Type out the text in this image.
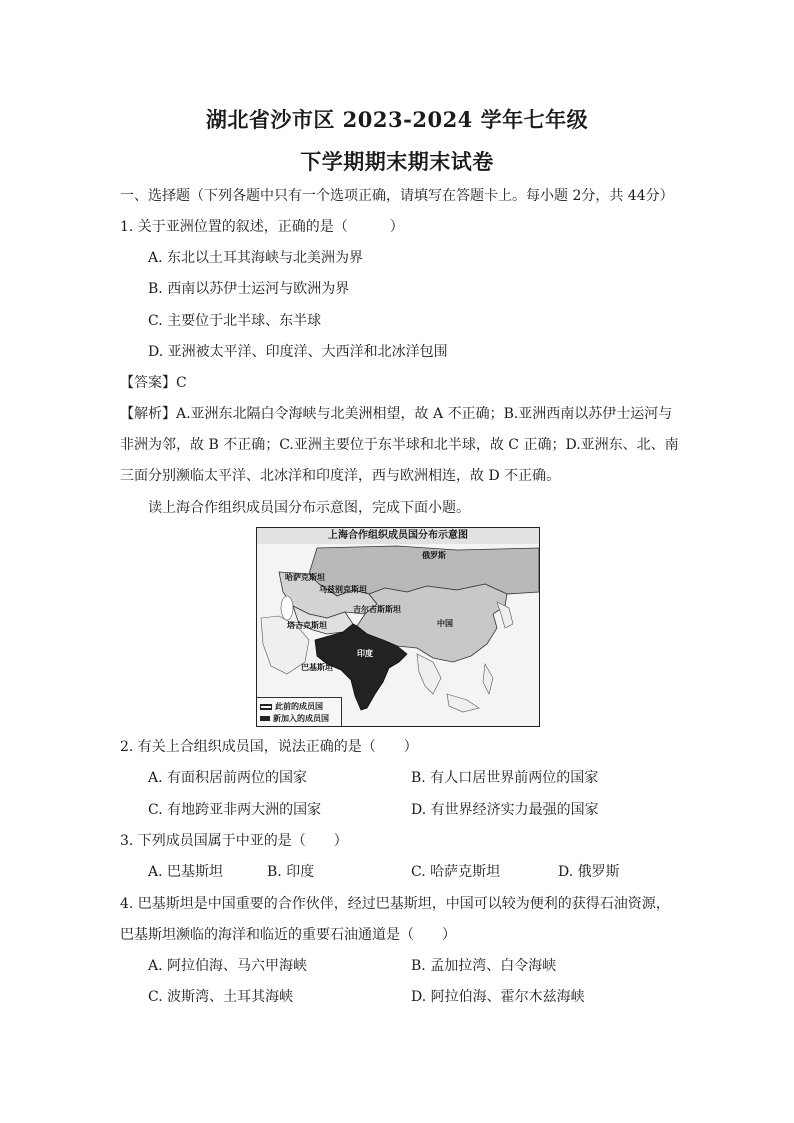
湖北省沙市区 2023-2024 学年七年级
下学期期末期末试卷
一、选择题（下列各题中只有一个选项正确，请填写在答题卡上。每小题 2分，共 44分）
1. 关于亚洲位置的叙述，正确的是（　　　）
A. 东北以土耳其海峡与北美洲为界
B. 西南以苏伊士运河与欧洲为界
C. 主要位于北半球、东半球
D. 亚洲被太平洋、印度洋、大西洋和北冰洋包围
【答案】C
【解析】A.亚洲东北隔白令海峡与北美洲相望，故 A 不正确；B.亚洲西南以苏伊士运河与
非洲为邻，故 B 不正确；C.亚洲主要位于东半球和北半球，故 C 正确；D.亚洲东、北、南
三面分别濒临太平洋、北冰洋和印度洋，西与欧洲相连，故 D 不正确。
读上海合作组织成员国分布示意图，完成下面小题。
上海合作组织成员国分布示意图
俄罗斯
哈萨克斯坦
乌兹别克斯坦
吉尔吉斯斯坦
塔吉克斯坦	中国
印度
巴基斯坦
此前的成员国
新加入的成员国
2. 有关上合组织成员国，说法正确的是（　　）
A. 有面积居前两位的国家	B. 有人口居世界前两位的国家
C. 有地跨亚非两大洲的国家	D. 有世界经济实力最强的国家
3. 下列成员国属于中亚的是（　　）
A. 巴基斯坦	B. 印度	C. 哈萨克斯坦	D. 俄罗斯
4. 巴基斯坦是中国重要的合作伙伴，经过巴基斯坦，中国可以较为便利的获得石油资源，
巴基斯坦濒临的海洋和临近的重要石油通道是（　　）
A. 阿拉伯海、马六甲海峡	B. 孟加拉湾、白令海峡
C. 波斯湾、土耳其海峡	D. 阿拉伯海、霍尔木兹海峡
